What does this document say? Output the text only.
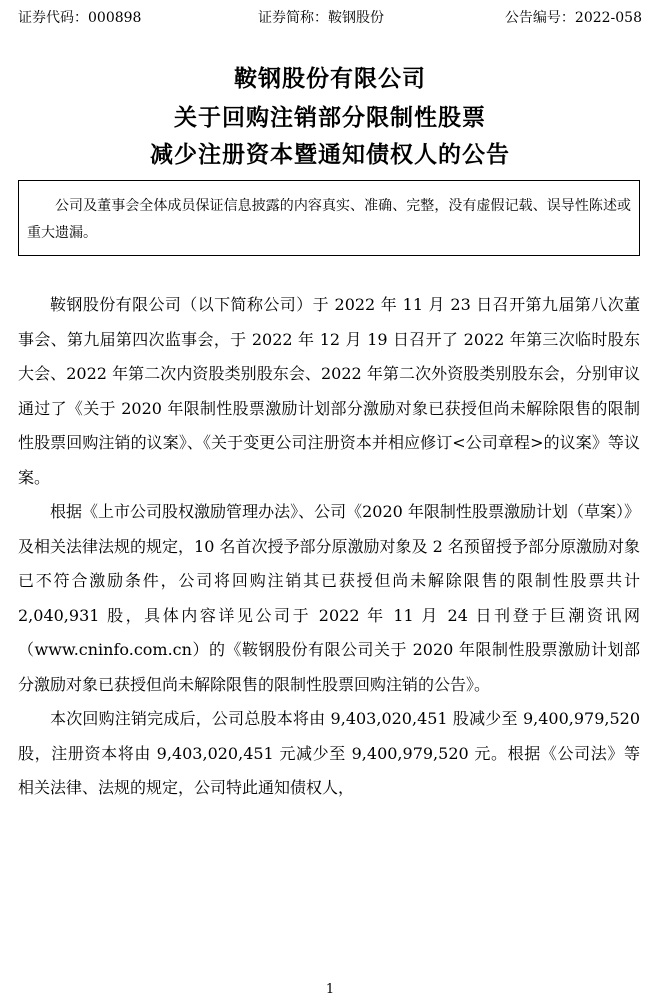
证券代码：000898	证券简称：鞍钢股份	公告编号：2022-058
鞍钢股份有限公司
关于回购注销部分限制性股票
减少注册资本暨通知债权人的公告
公司及董事会全体成员保证信息披露的内容真实、准确、完整，没有虚假记载、误导性陈述或重大遗漏。

鞍钢股份有限公司（以下简称公司）于 2022 年 11 月 23 日召开第九届第八次董事会、第九届第四次监事会，于 2022 年 12 月 19 日召开了 2022 年第三次临时股东大会、2022 年第二次内资股类别股东会、2022 年第二次外资股类别股东会，分别审议通过了《关于 2020 年限制性股票激励计划部分激励对象已获授但尚未解除限售的限制性股票回购注销的议案》、《关于变更公司注册资本并相应修订<公司章程>的议案》等议案。

根据《上市公司股权激励管理办法》、公司《2020 年限制性股票激励计划（草案）》及相关法律法规的规定，10 名首次授予部分原激励对象及 2 名预留授予部分原激励对象已不符合激励条件，公司将回购注销其已获授但尚未解除限售的限制性股票共计 2,040,931 股，具体内容详见公司于 2022 年 11 月 24 日刊登于巨潮资讯网（www.cninfo.com.cn）的《鞍钢股份有限公司关于 2020 年限制性股票激励计划部分激励对象已获授但尚未解除限售的限制性股票回购注销的公告》。

本次回购注销完成后，公司总股本将由 9,403,020,451 股减少至 9,400,979,520 股，注册资本将由 9,403,020,451 元减少至 9,400,979,520 元。根据《公司法》等相关法律、法规的规定，公司特此通知债权人，

1
